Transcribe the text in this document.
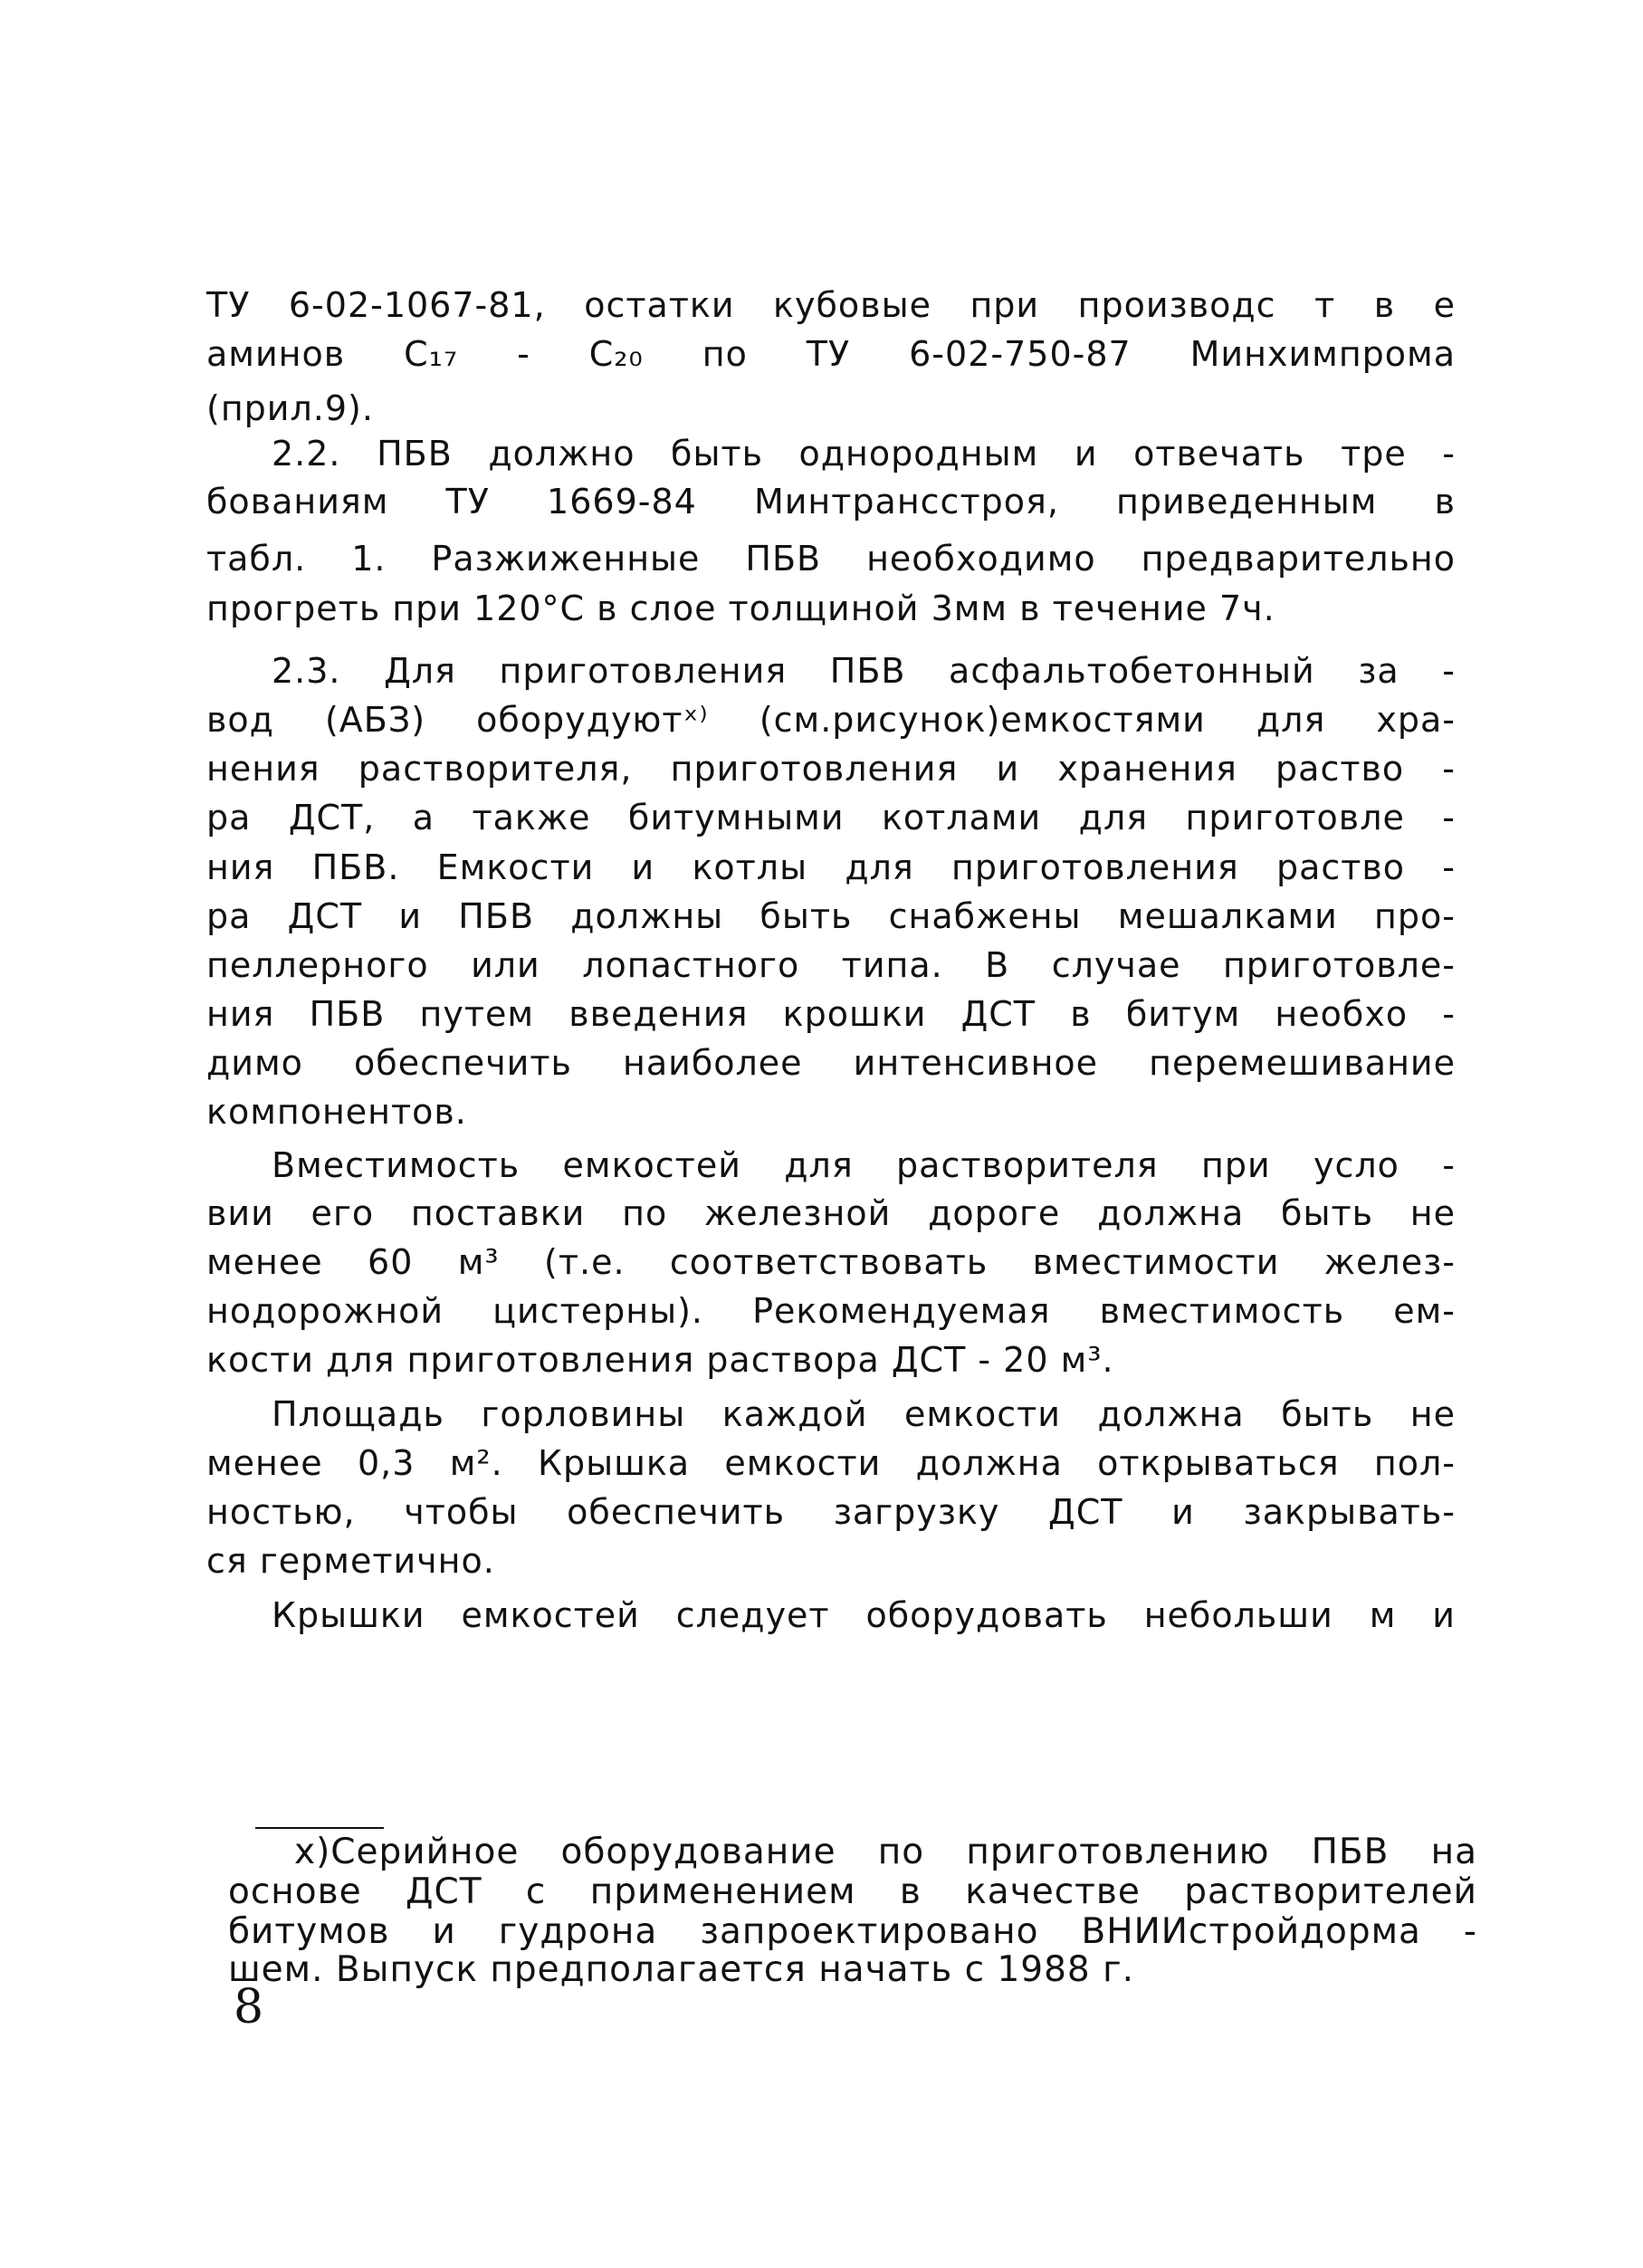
ТУ 6-02-1067-81, остатки кубовые при производс т в е
аминов C₁₇ - C₂₀ по ТУ 6-02-750-87 Минхимпрома
(прил.9).
2.2. ПБВ должно быть однородным и отвечать тре -
бованиям ТУ 1669-84 Минтрансстроя, приведенным в
табл. 1. Разжиженные ПБВ необходимо предварительно
прогреть при 120°С в слое толщиной 3мм в течение 7ч.
2.3. Для приготовления ПБВ асфальтобетонный за -
вод (АБЗ) оборудуютˣ⁾ (см.рисунок)емкостями для хра-
нения растворителя, приготовления и хранения раство -
ра ДСТ, а также битумными котлами для приготовле -
ния ПБВ. Емкости и котлы для приготовления раство -
ра ДСТ и ПБВ должны быть снабжены мешалками про-
пеллерного или лопастного типа. В случае приготовле-
ния ПБВ путем введения крошки ДСТ в битум необхо -
димо обеспечить наиболее интенсивное перемешивание
компонентов.
Вместимость емкостей для растворителя при усло -
вии его поставки по железной дороге должна быть не
менее 60 м³ (т.е. соответствовать вместимости желез-
нодорожной цистерны). Рекомендуемая вместимость ем-
кости для приготовления раствора ДСТ - 20 м³.
Площадь горловины каждой емкости должна быть не
менее 0,3 м². Крышка емкости должна открываться пол-
ностью, чтобы обеспечить загрузку ДСТ и закрывать-
ся герметично.
Крышки емкостей следует оборудовать небольши м и
x)Серийное оборудование по приготовлению ПБВ на
основе ДСТ с применением в качестве растворителей
битумов и гудрона запроектировано ВНИИстройдорма -
шем. Выпуск предполагается начать с 1988 г.
8
